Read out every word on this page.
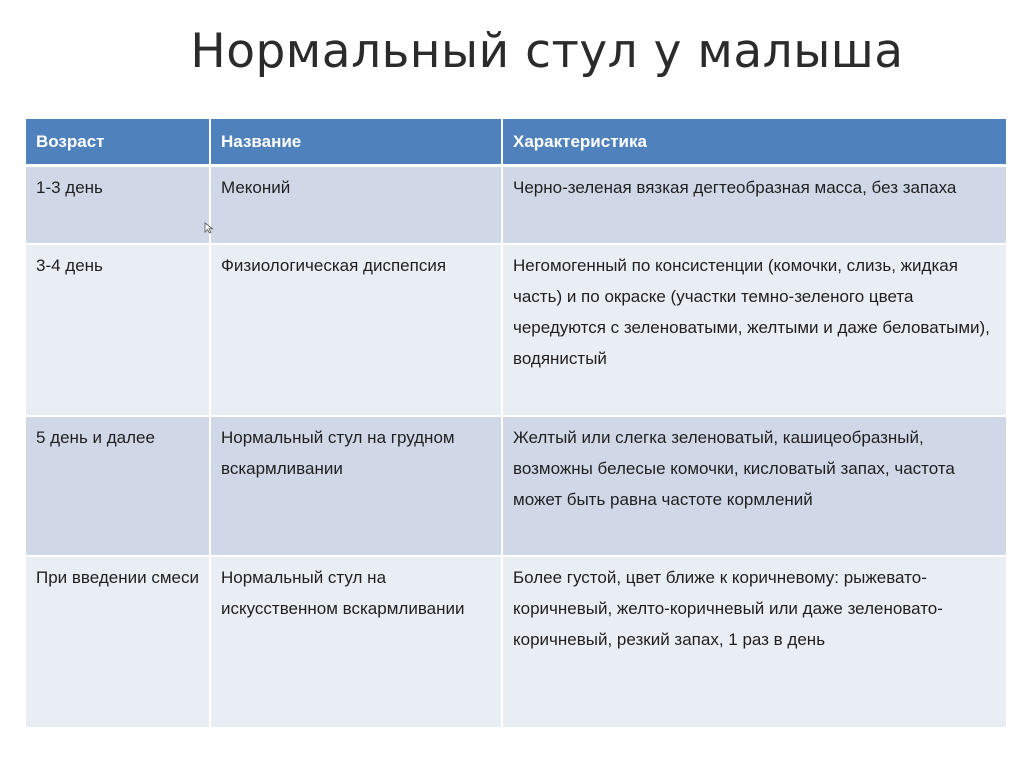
Нормальный стул у малыша
Возраст	Название	Характеристика
1-3 день	Меконий	Черно-зеленая вязкая дегтеобразная масса, без запаха
3-4 день	Физиологическая диспепсия	Негомогенный по консистенции (комочки, слизь, жидкая часть) и по окраске (участки темно-зеленого цвета чередуются с зеленоватыми, желтыми и даже беловатыми), водянистый
5 день и далее	Нормальный стул на грудном вскармливании	Желтый или слегка зеленоватый, кашицеобразный, возможны белесые комочки, кисловатый запах, частота может быть равна частоте кормлений
При введении смеси	Нормальный стул на искусственном вскармливании	Более густой, цвет ближе к коричневому: рыжевато-коричневый, желто-коричневый или даже зеленовато-коричневый, резкий запах, 1 раз в день
